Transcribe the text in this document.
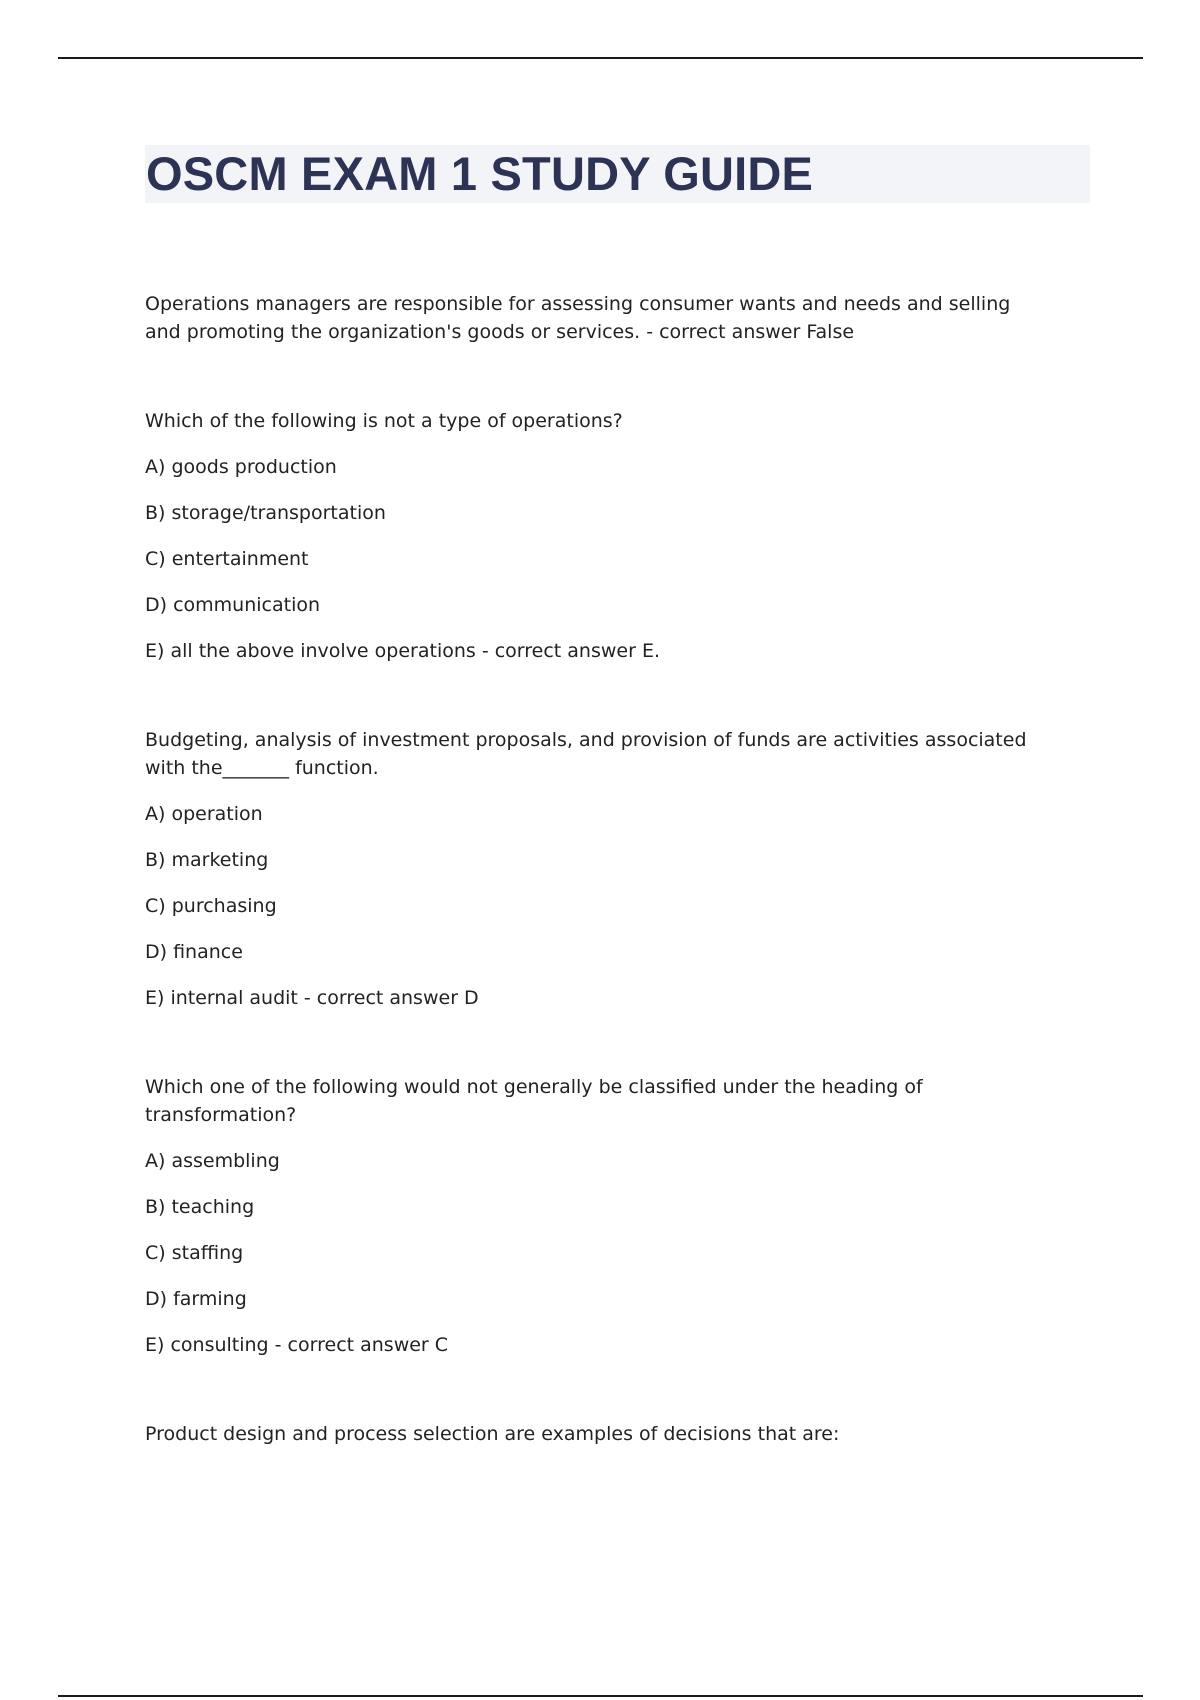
OSCM EXAM 1 STUDY GUIDE

Operations managers are responsible for assessing consumer wants and needs and selling and promoting the organization's goods or services. - correct answer False

Which of the following is not a type of operations?

A) goods production

B) storage/transportation

C) entertainment

D) communication

E) all the above involve operations - correct answer E.

Budgeting, analysis of investment proposals, and provision of funds are activities associated with the_______ function.

A) operation

B) marketing

C) purchasing

D) finance

E) internal audit - correct answer D

Which one of the following would not generally be classified under the heading of transformation?

A) assembling

B) teaching

C) staffing

D) farming

E) consulting - correct answer C

Product design and process selection are examples of decisions that are:
